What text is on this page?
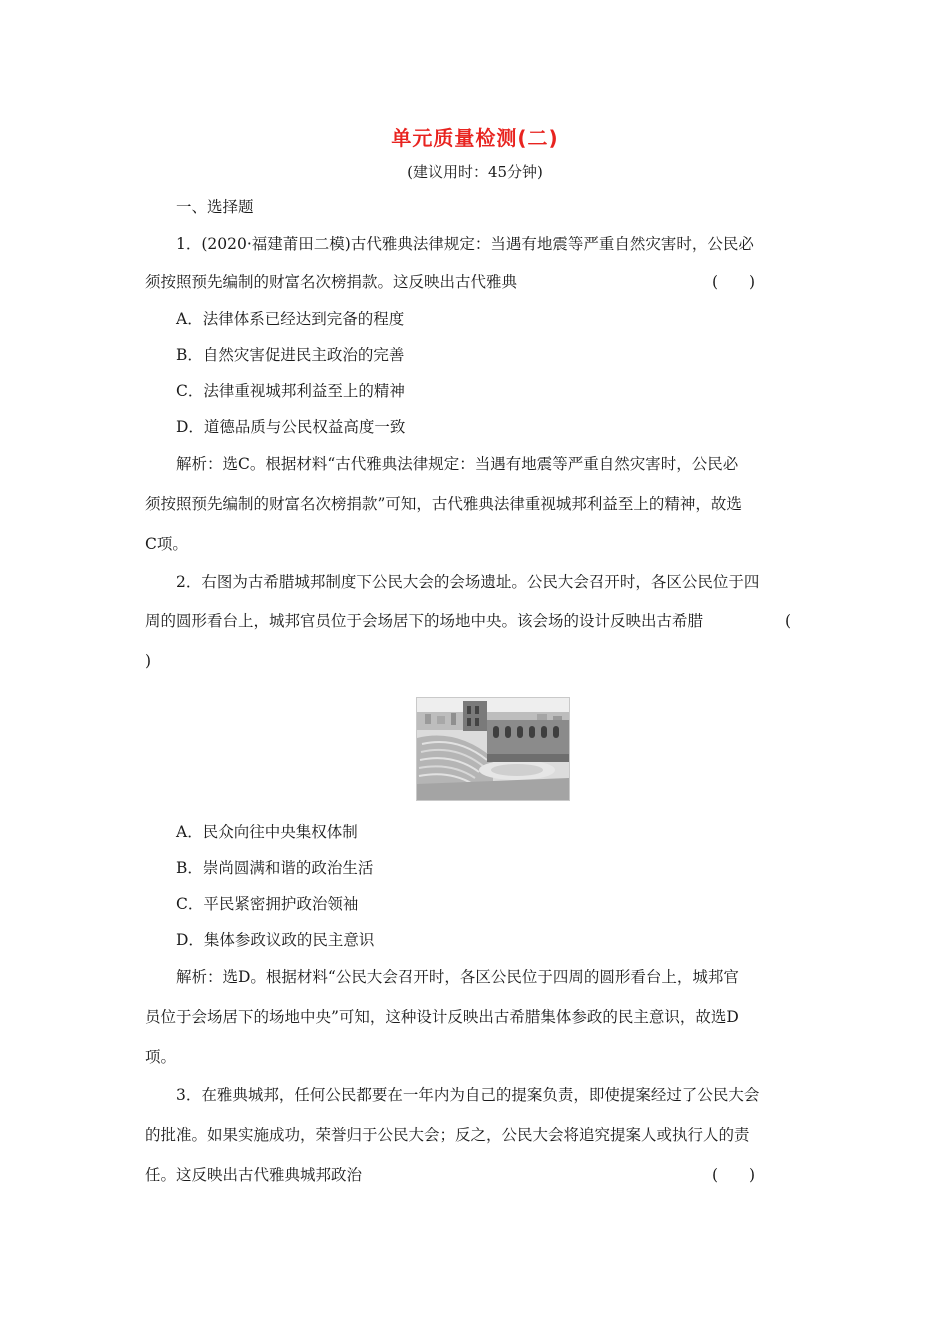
单元质量检测(二)
(建议用时：45分钟)
一、选择题
1．(2020·福建莆田二模)古代雅典法律规定：当遇有地震等严重自然灾害时，公民必
须按照预先编制的财富名次榜捐款。这反映出古代雅典	(　　)
A．法律体系已经达到完备的程度
B．自然灾害促进民主政治的完善
C．法律重视城邦利益至上的精神
D．道德品质与公民权益高度一致
解析：选C。根据材料“古代雅典法律规定：当遇有地震等严重自然灾害时，公民必
须按照预先编制的财富名次榜捐款”可知，古代雅典法律重视城邦利益至上的精神，故选
C项。
2．右图为古希腊城邦制度下公民大会的会场遗址。公民大会召开时，各区公民位于四
周的圆形看台上，城邦官员位于会场居下的场地中央。该会场的设计反映出古希腊	(
)
A．民众向往中央集权体制
B．崇尚圆满和谐的政治生活
C．平民紧密拥护政治领袖
D．集体参政议政的民主意识
解析：选D。根据材料“公民大会召开时，各区公民位于四周的圆形看台上，城邦官
员位于会场居下的场地中央”可知，这种设计反映出古希腊集体参政的民主意识，故选D
项。
3．在雅典城邦，任何公民都要在一年内为自己的提案负责，即使提案经过了公民大会
的批准。如果实施成功，荣誉归于公民大会；反之，公民大会将追究提案人或执行人的责
任。这反映出古代雅典城邦政治	(　　)
